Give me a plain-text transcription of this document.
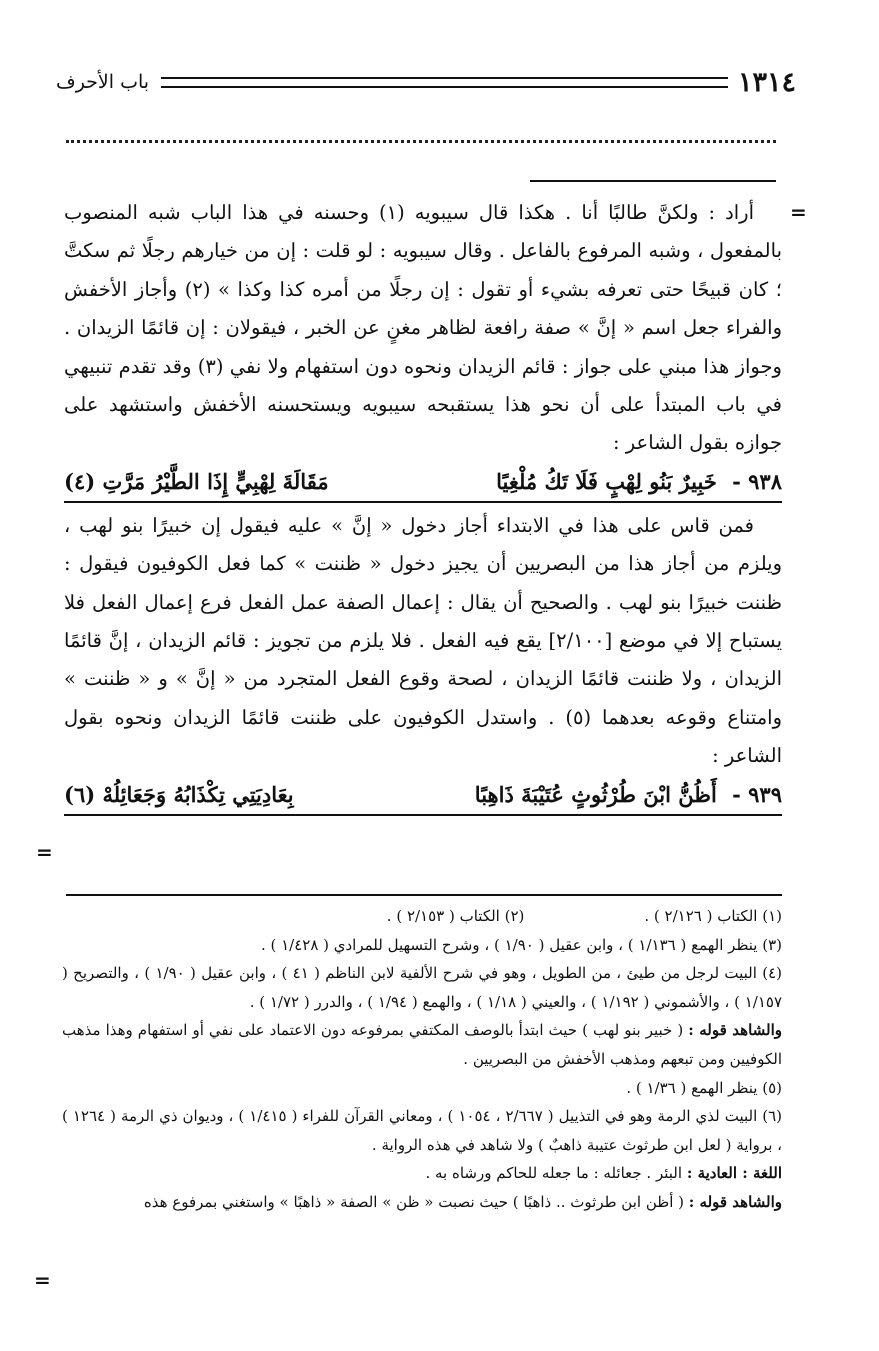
١٣١٤
باب الأحرف
=

أراد : ولكنَّ طالبًا أنا . هكذا قال سيبويه (١) وحسنه في هذا الباب شبه المنصوب بالمفعول ، وشبه المرفوع بالفاعل . وقال سيبويه : لو قلت : إن من خيارهم رجلًا ثم سكتَّ ؛ كان قبيحًا حتى تعرفه بشيء أو تقول : إن رجلًا من أمره كذا وكذا » (٢) وأجاز الأخفش والفراء جعل اسم « إنَّ » صفة رافعة لظاهر مغنٍ عن الخبر ، فيقولان : إن قائمًا الزيدان . وجواز هذا مبني على جواز : قائم الزيدان ونحوه دون استفهام ولا نفي (٣) وقد تقدم تنبيهي في باب المبتدأ على أن نحو هذا يستقبحه سيبويه ويستحسنه الأخفش واستشهد على جوازه بقول الشاعر :

٩٣٨ - خَبِيرٌ بَنُو لِهْبٍ فَلَا تَكُ مُلْغِيًا
مَقَالَةَ لِهْبِيٍّ إِذَا الطَّيْرُ مَرَّتِ (٤)

فمن قاس على هذا في الابتداء أجاز دخول « إنَّ » عليه فيقول إن خبيرًا بنو لهب ، ويلزم من أجاز هذا من البصريين أن يجيز دخول « ظننت » كما فعل الكوفيون فيقول : ظننت خبيرًا بنو لهب . والصحيح أن يقال : إعمال الصفة عمل الفعل فرع إعمال الفعل فلا يستباح إلا في موضع [٢/١٠٠] يقع فيه الفعل . فلا يلزم من تجويز : قائم الزيدان ، إنَّ قائمًا الزيدان ، ولا ظننت قائمًا الزيدان ، لصحة وقوع الفعل المتجرد من « إنَّ » و « ظننت » وامتناع وقوعه بعدهما (٥) . واستدل الكوفيون على ظننت قائمًا الزيدان ونحوه بقول الشاعر :

٩٣٩ - أَظُنُّ ابْنَ طُرْثُوثٍ عُتَيْبَةَ ذَاهِبًا
بِعَادِيَتِي تِكْذَابُهُ وَجَعَائِلُهْ (٦)
=
(١) الكتاب ( ٢/١٢٦ ) .
(٢) الكتاب ( ٢/١٥٣ ) .

(٣) ينظر الهمع ( ١/١٣٦ ) ، وابن عقيل ( ١/٩٠ ) ، وشرح التسهيل للمرادي ( ١/٤٢٨ ) .

(٤) البيت لرجل من طيئ ، من الطويل ، وهو في شرح الألفية لابن الناظم ( ٤١ ) ، وابن عقيل ( ١/٩٠ ) ، والتصريح ( ١/١٥٧ ) ، والأشموني ( ١/١٩٢ ) ، والعيني ( ١/١٨ ) ، والهمع ( ١/٩٤ ) ، والدرر ( ١/٧٢ ) .

والشاهد قوله : ( خبير بنو لهب ) حيث ابتدأ بالوصف المكتفي بمرفوعه دون الاعتماد على نفي أو استفهام وهذا مذهب الكوفيين ومن تبعهم ومذهب الأخفش من البصريين .

(٥) ينظر الهمع ( ١/٣٦ ) .

(٦) البيت لذي الرمة وهو في التذييل ( ٢/٦٦٧ ، ١٠٥٤ ) ، ومعاني القرآن للفراء ( ١/٤١٥ ) ، وديوان ذي الرمة ( ١٢٦٤ ) ، برواية ( لعل ابن طرثوث عتيبة ذاهبٌ ) ولا شاهد في هذه الرواية .

اللغة : العادية : البئر . جعائله : ما جعله للحاكم ورشاه به .

والشاهد قوله : ( أظن ابن طرثوث .. ذاهبًا ) حيث نصبت « ظن » الصفة « ذاهبًا » واستغني بمرفوع هذه

=
